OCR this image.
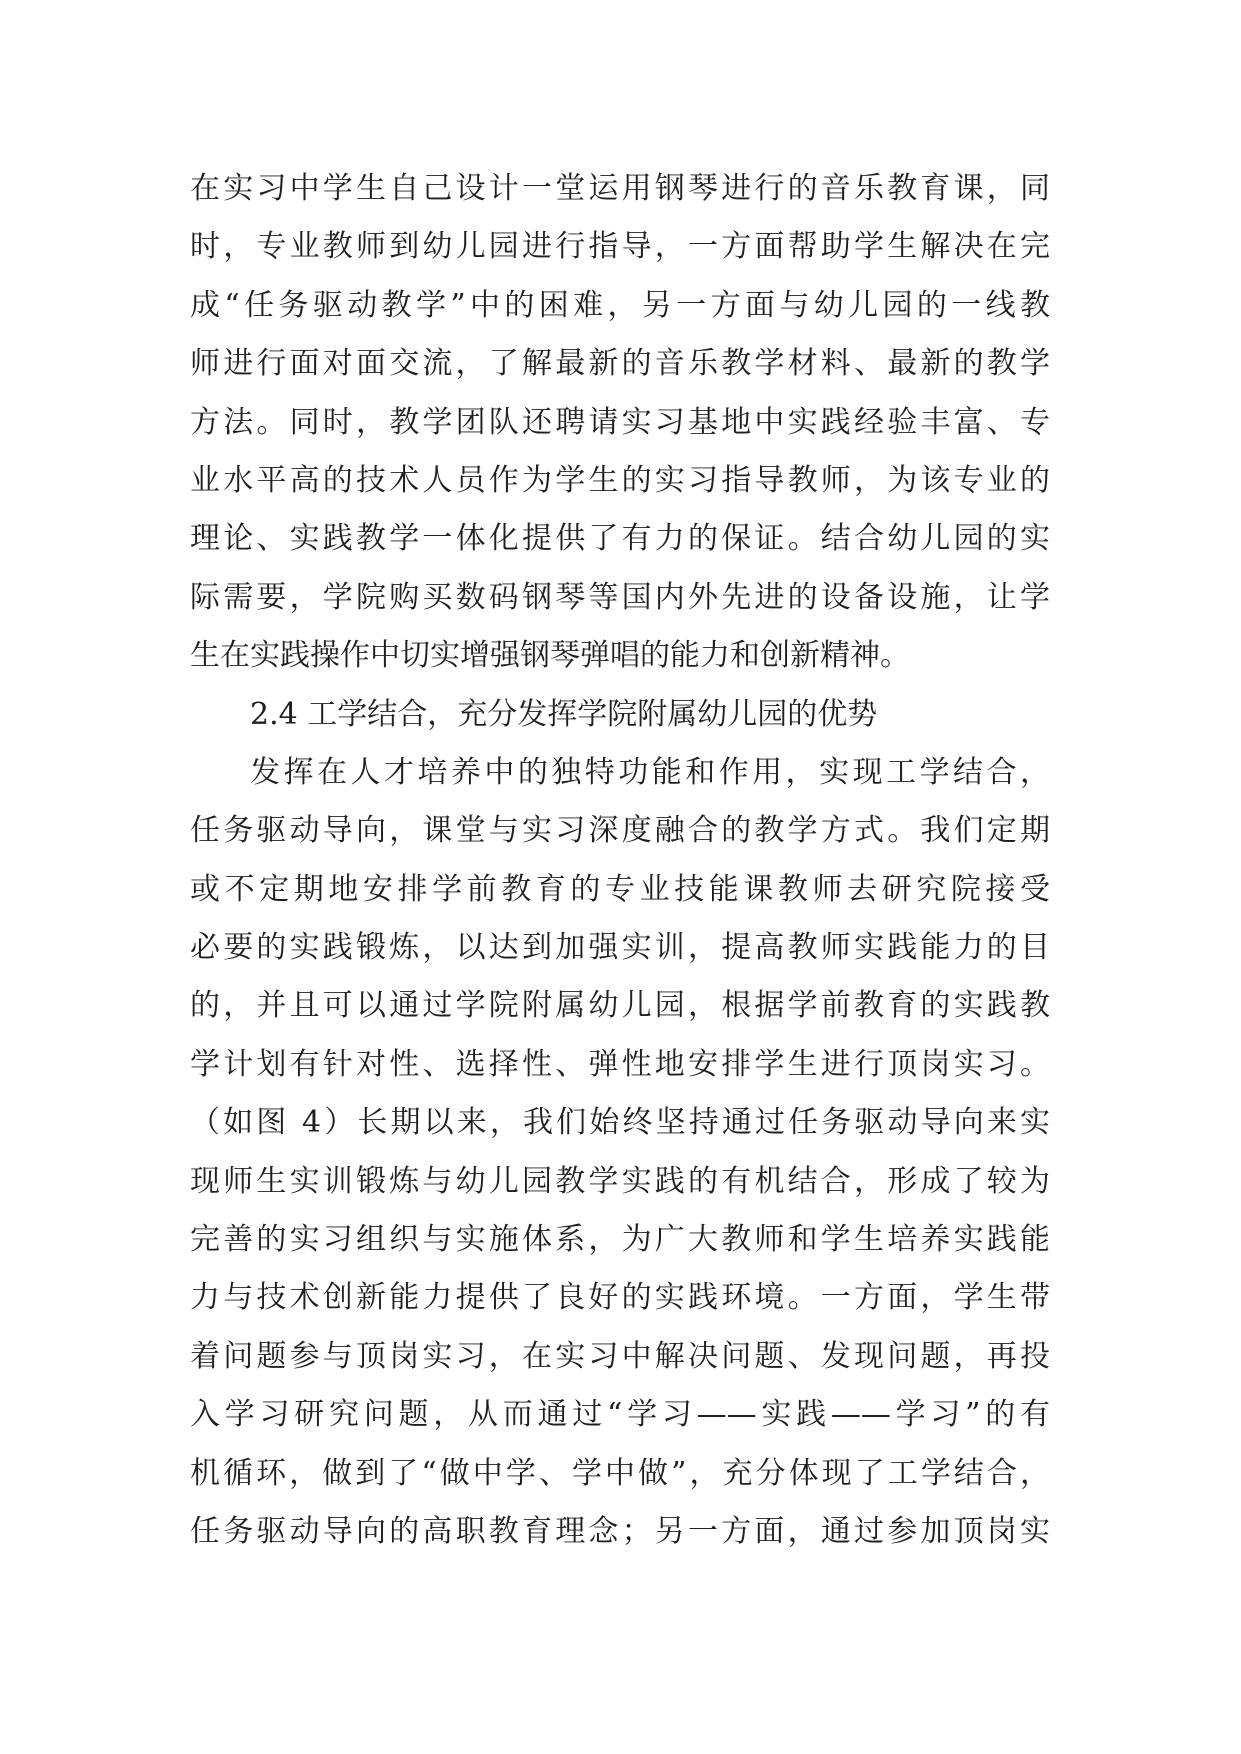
在实习中学生自己设计一堂运用钢琴进行的音乐教育课，同
时，专业教师到幼儿园进行指导，一方面帮助学生解决在完
成“任务驱动教学”中的困难，另一方面与幼儿园的一线教
师进行面对面交流，了解最新的音乐教学材料、最新的教学
方法。同时，教学团队还聘请实习基地中实践经验丰富、专
业水平高的技术人员作为学生的实习指导教师，为该专业的
理论、实践教学一体化提供了有力的保证。结合幼儿园的实
际需要，学院购买数码钢琴等国内外先进的设备设施，让学
生在实践操作中切实增强钢琴弹唱的能力和创新精神。
2.4 工学结合，充分发挥学院附属幼儿园的优势
发挥在人才培养中的独特功能和作用，实现工学结合，
任务驱动导向，课堂与实习深度融合的教学方式。我们定期
或不定期地安排学前教育的专业技能课教师去研究院接受
必要的实践锻炼，以达到加强实训，提高教师实践能力的目
的，并且可以通过学院附属幼儿园，根据学前教育的实践教
学计划有针对性、选择性、弹性地安排学生进行顶岗实习。
（如图 4）长期以来，我们始终坚持通过任务驱动导向来实
现师生实训锻炼与幼儿园教学实践的有机结合，形成了较为
完善的实习组织与实施体系，为广大教师和学生培养实践能
力与技术创新能力提供了良好的实践环境。一方面，学生带
着问题参与顶岗实习，在实习中解决问题、发现问题，再投
入学习研究问题，从而通过“学习——实践——学习”的有
机循环，做到了“做中学、学中做”，充分体现了工学结合，
任务驱动导向的高职教育理念；另一方面，通过参加顶岗实
